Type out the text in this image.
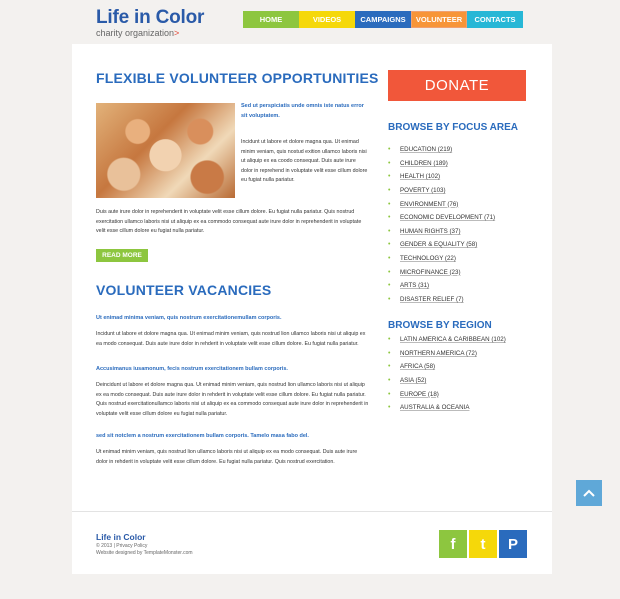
Life in Color
charity organization>
HOME	VIDEOS	CAMPAIGNS	VOLUNTEER	CONTACTS
FLEXIBLE VOLUNTEER OPPORTUNITIES
Sed ut perspiciatis unde omnis iste natus error sit voluptatem.
Incidunt ut labore et dolore magna qua. Ut enimad minim veniam, quis nostud exition ullamco laboris nisi ut aliquip ex ea coodo consequat. Duis aute irure dolor in reprehend in voluptate velit esse cillum dolore eu fugiat nulla pariatur.
Duis aute irure dolor in reprehenderit in voluptate velit esse cillum dolore. Eu fugiat nulla pariatur. Quis nostrud exercitation ullamco laboris nisi ut aliquip ex ea commodo consequat aute irure dolor in reprehenderit in voluptate velit esse cillum dolore eu fugiat nulla pariatur.
READ MORE
VOLUNTEER VACANCIES
Ut enimad minima veniam, quis nostrum exercitationemullam corporis.
Incidunt ut labore et dolore magna qua. Ut enimad minim veniam, quis nostrud lion ullamco laboris nisi ut aliquip ex ea modo consequat. Duis aute irure dolor in rehderit in voluptate velit esse cillum dolore. Eu fugiat nulla pariatur.
Accusimanus iusamonum, fecis nostrum exercitationem bullam corporis.
Deincidunt ut labore et dolore magna qua. Ut enimad minim veniam, quis nostrud lion ullamco laboris nisi ut aliquip ex ea modo consequat. Duis aute irure dolor in rehderit in voluptate velit esse cillum dolore. Eu fugiat nulla pariatur. Quis nostrud exercitationullamco laboris nisi ut aliquip ex ea commodo consequat aute irure dolor in reprehenderit in voluptate velit esse cillum dolore eu fugiat nulla pariatur.
sed sit notclem a nostrum exercitationem bullam corporis. Tamelo masa fabo del.
Ut enimad minim veniam, quis nostrud lion ullamco laboris nisi ut aliquip ex ea modo consequat. Duis aute irure dolor in rehderit in voluptate velit esse cillum dolore. Eu fugiat nulla pariatur. Quis nostrud exercitation.
DONATE
BROWSE BY FOCUS AREA
•	EDUCATION (219)
•	CHILDREN (189)
•	HEALTH (102)
•	POVERTY (103)
•	ENVIRONMENT (76)
•	ECONOMIC DEVELOPMENT (71)
•	HUMAN RIGHTS (37)
•	GENDER & EQUALITY (58)
•	TECHNOLOGY (22)
•	MICROFINANCE (23)
•	ARTS (31)
•	DISASTER RELIEF (7)
BROWSE BY REGION
•	LATIN AMERICA & CARIBBEAN (102)
•	NORTHERN AMERICA (72)
•	AFRICA (58)
•	ASIA (52)
•	EUROPE (18)
•	AUSTRALIA & OCEANIA
Life in Color
© 2013 | Privacy Policy
Website designed by TemplateMonster.com
f t P
